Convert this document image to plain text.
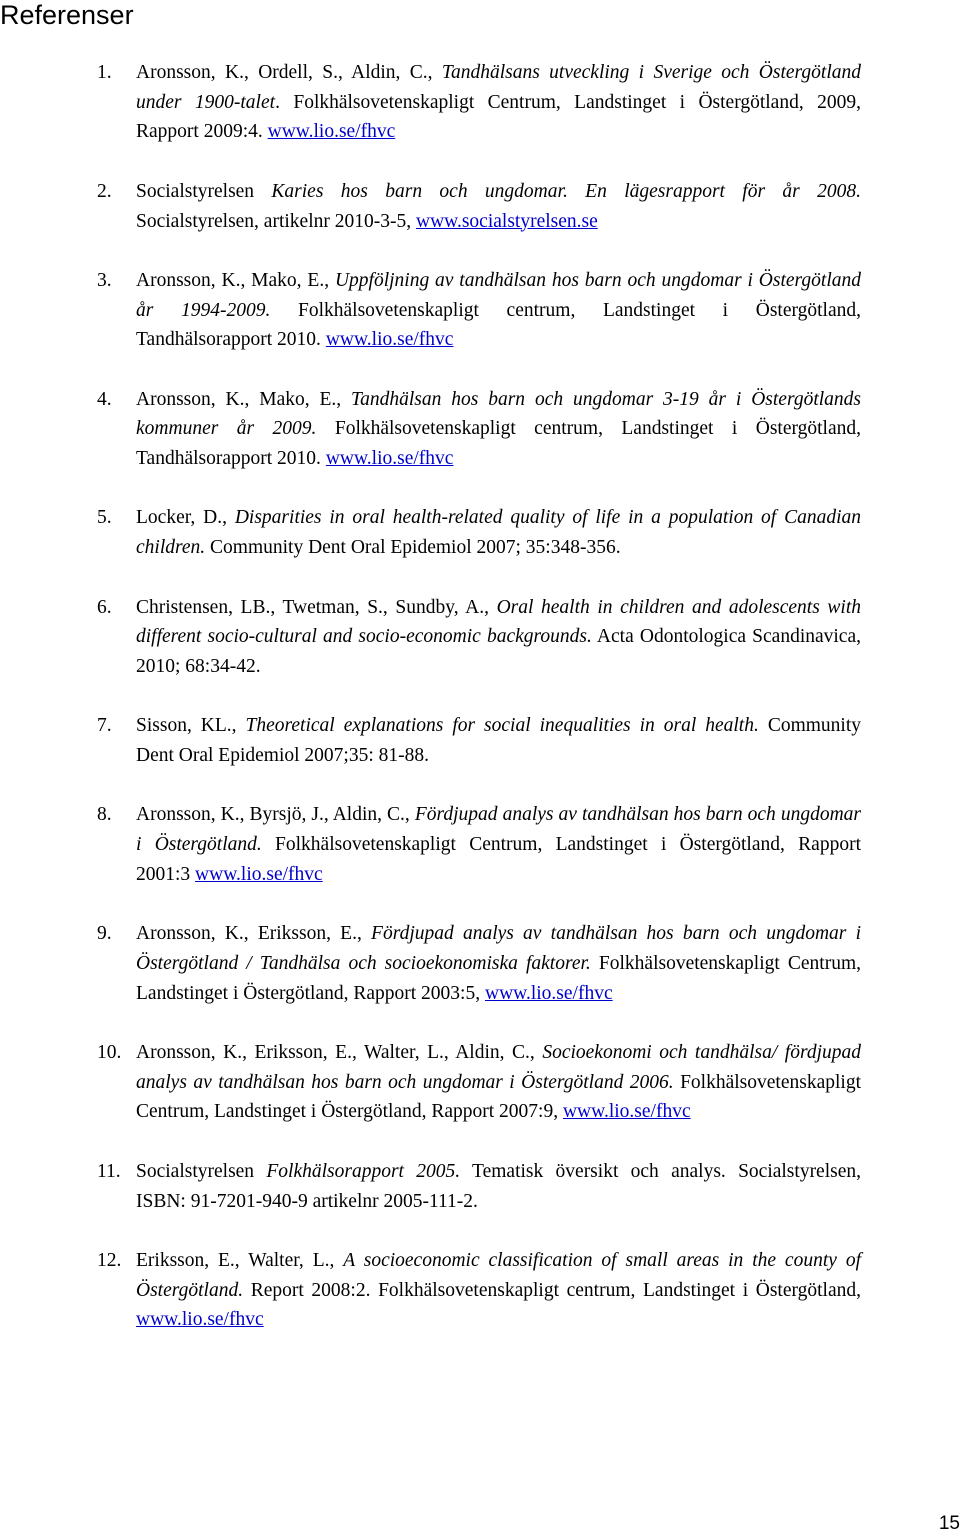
Referenser
1. Aronsson, K., Ordell, S., Aldin, C., Tandhälsans utveckling i Sverige och Östergötland under 1900-talet. Folkhälsovetenskapligt Centrum, Landstinget i Östergötland, 2009, Rapport 2009:4. www.lio.se/fhvc
2. Socialstyrelsen Karies hos barn och ungdomar. En lägesrapport för år 2008. Socialstyrelsen, artikelnr 2010-3-5, www.socialstyrelsen.se
3. Aronsson, K., Mako, E., Uppföljning av tandhälsan hos barn och ungdomar i Östergötland år 1994-2009. Folkhälsovetenskapligt centrum, Landstinget i Östergötland, Tandhälsorapport 2010. www.lio.se/fhvc
4. Aronsson, K., Mako, E., Tandhälsan hos barn och ungdomar 3-19 år i Östergötlands kommuner år 2009. Folkhälsovetenskapligt centrum, Landstinget i Östergötland, Tandhälsorapport 2010. www.lio.se/fhvc
5. Locker, D., Disparities in oral health-related quality of life in a population of Canadian children. Community Dent Oral Epidemiol 2007; 35:348-356.
6. Christensen, LB., Twetman, S., Sundby, A., Oral health in children and adolescents with different socio-cultural and socio-economic backgrounds. Acta Odontologica Scandinavica, 2010; 68:34-42.
7. Sisson, KL., Theoretical explanations for social inequalities in oral health. Community Dent Oral Epidemiol 2007;35: 81-88.
8. Aronsson, K., Byrsjö, J., Aldin, C., Fördjupad analys av tandhälsan hos barn och ungdomar i Östergötland. Folkhälsovetenskapligt Centrum, Landstinget i Östergötland, Rapport 2001:3 www.lio.se/fhvc
9. Aronsson, K., Eriksson, E., Fördjupad analys av tandhälsan hos barn och ungdomar i Östergötland / Tandhälsa och socioekonomiska faktorer. Folkhälsovetenskapligt Centrum, Landstinget i Östergötland, Rapport 2003:5, www.lio.se/fhvc
10. Aronsson, K., Eriksson, E., Walter, L., Aldin, C., Socioekonomi och tandhälsa/ fördjupad analys av tandhälsan hos barn och ungdomar i Östergötland 2006. Folkhälsovetenskapligt Centrum, Landstinget i Östergötland, Rapport 2007:9, www.lio.se/fhvc
11. Socialstyrelsen Folkhälsorapport 2005. Tematisk översikt och analys. Socialstyrelsen, ISBN: 91-7201-940-9 artikelnr 2005-111-2.
12. Eriksson, E., Walter, L., A socioeconomic classification of small areas in the county of Östergötland. Report 2008:2. Folkhälsovetenskapligt centrum, Landstinget i Östergötland, www.lio.se/fhvc
15
